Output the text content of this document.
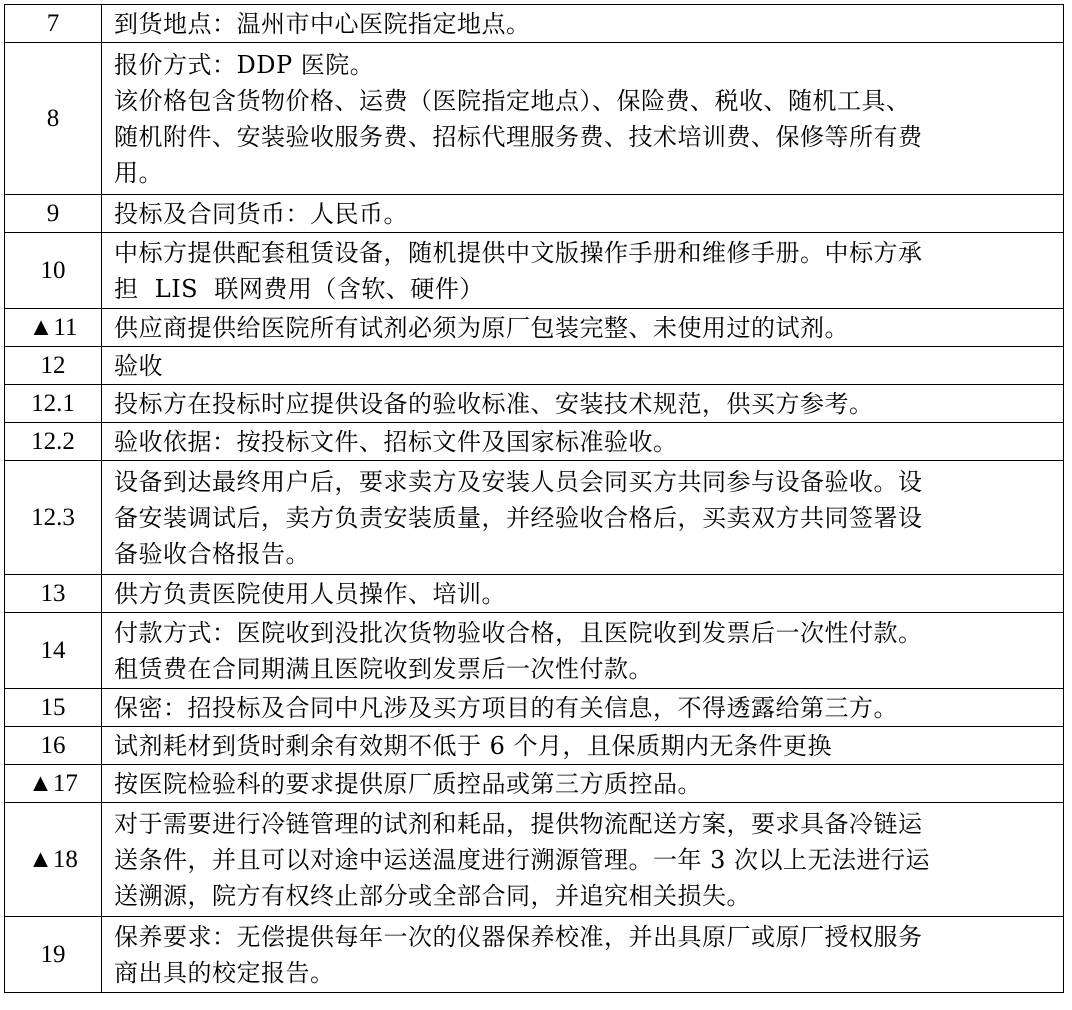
7	到货地点：温州市中心医院指定地点。

8	报价方式：DDP 医院。
该价格包含货物价格、运费（医院指定地点）、保险费、税收、随机工具、
随机附件、安装验收服务费、招标代理服务费、技术培训费、保修等所有费
用。

9	投标及合同货币：人民币。

10	中标方提供配套租赁设备，随机提供中文版操作手册和维修手册。中标方承
担  LIS  联网费用（含软、硬件）

▲11	供应商提供给医院所有试剂必须为原厂包装完整、未使用过的试剂。

12	验收

12.1	投标方在投标时应提供设备的验收标准、安装技术规范，供买方参考。

12.2	验收依据：按投标文件、招标文件及国家标准验收。

12.3	设备到达最终用户后，要求卖方及安装人员会同买方共同参与设备验收。设
备安装调试后，卖方负责安装质量，并经验收合格后，买卖双方共同签署设
备验收合格报告。

13	供方负责医院使用人员操作、培训。

14	付款方式：医院收到没批次货物验收合格，且医院收到发票后一次性付款。
租赁费在合同期满且医院收到发票后一次性付款。

15	保密：招投标及合同中凡涉及买方项目的有关信息，不得透露给第三方。

16	试剂耗材到货时剩余有效期不低于 6 个月，且保质期内无条件更换

▲17	按医院检验科的要求提供原厂质控品或第三方质控品。

▲18	对于需要进行冷链管理的试剂和耗品，提供物流配送方案，要求具备冷链运
送条件，并且可以对途中运送温度进行溯源管理。一年 3 次以上无法进行运
送溯源，院方有权终止部分或全部合同，并追究相关损失。

19	保养要求：无偿提供每年一次的仪器保养校准，并出具原厂或原厂授权服务
商出具的校定报告。
